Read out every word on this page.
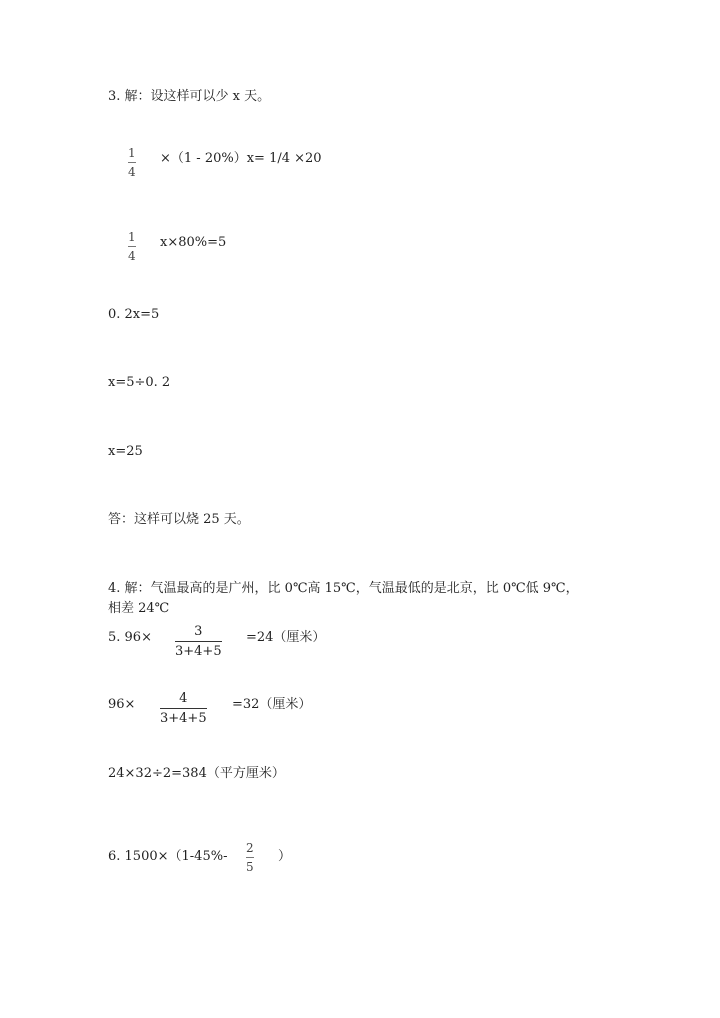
3. 解：设这样可以少 x 天。
1
4
×（1 - 20%）x= 1/4 ×20
1
4
x×80%=5
0. 2x=5
x=5÷0. 2
x=25
答：这样可以烧 25 天。
4. 解：气温最高的是广州，比 0℃高 15℃，气温最低的是北京，比 0℃低 9℃，
相差 24℃
5. 96×	3
3+4+5
=24（厘米）
96×	4
3+4+5
=32（厘米）
24×32÷2=384（平方厘米）
6. 1500×（1-45%-
2
5
）
